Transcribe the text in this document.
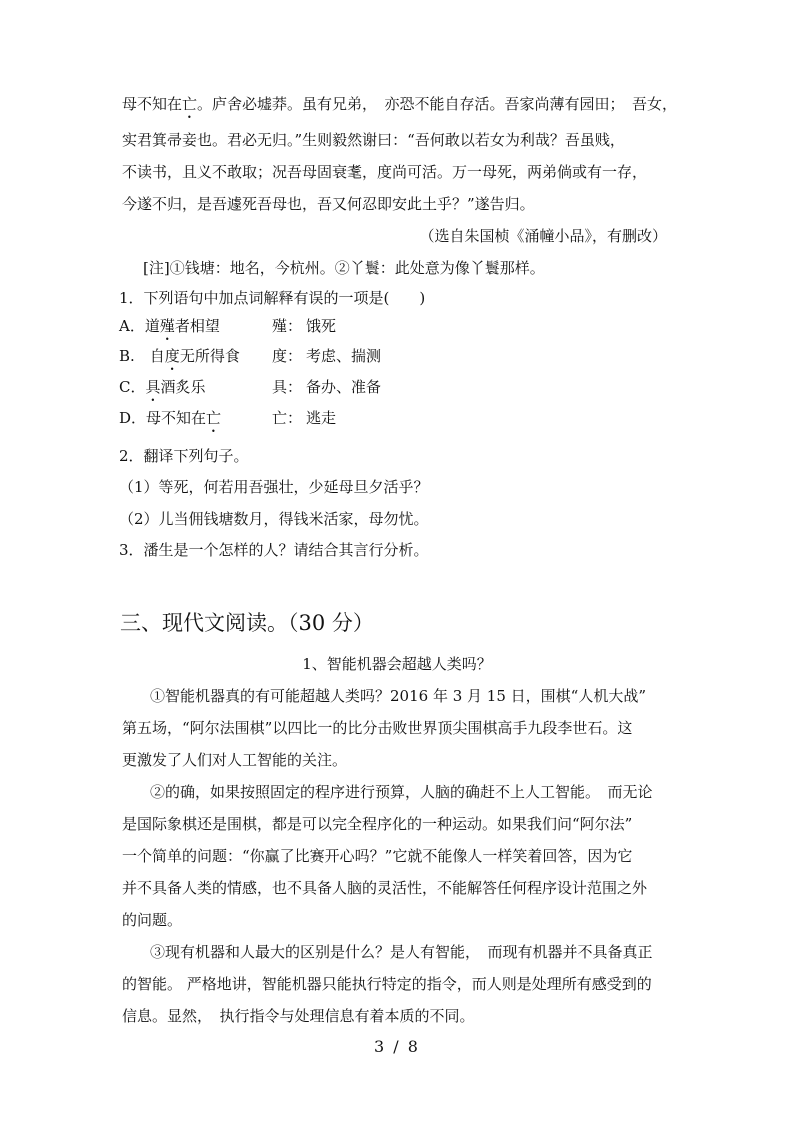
母不知在亡。庐舍必墟莽。虽有兄弟，　亦恐不能自存活。吾家尚薄有园田；　吾女，
实君箕帚妾也。君必无归。”生则毅然谢曰：“吾何敢以若女为利哉？吾虽贱，
不读书，且义不敢取；况吾母固衰耄，度尚可活。万一母死，两弟倘或有一存，
今遂不归，是吾遽死吾母也，吾又何忍即安此土乎？”遂告归。
（选自朱国桢《涌幢小品》，有删改）
[注]①钱塘：地名，今杭州。②丫鬟：此处意为像丫鬟那样。
1．下列语句中加点词解释有误的一项是(　　)
A．道殣者相望	殣： 饿死
B.　自度无所得食 度： 考虑、揣测
C．具酒炙乐	具： 备办、准备
D．母不知在亡	亡： 逃走
2．翻译下列句子。
（1）等死，何若用吾强壮，少延母旦夕活乎？
（2）儿当佣钱塘数月，得钱米活家，母勿忧。
3．潘生是一个怎样的人？请结合其言行分析。
三、现代文阅读。（30 分）
1、智能机器会超越人类吗？
①智能机器真的有可能超越人类吗？2016 年 3 月 15 日，围棋“人机大战”
第五场，“阿尔法围棋”以四比一的比分击败世界顶尖围棋高手九段李世石。这
更激发了人们对人工智能的关注。
②的确，如果按照固定的程序进行预算，人脑的确赶不上人工智能。　而无论
是国际象棋还是围棋，都是可以完全程序化的一种运动。如果我们问“阿尔法”
一个简单的问题：“你赢了比赛开心吗？”它就不能像人一样笑着回答，因为它
并不具备人类的情感，也不具备人脑的灵活性，不能解答任何程序设计范围之外
的问题。
③现有机器和人最大的区别是什么？是人有智能，　而现有机器并不具备真正
的智能。 严格地讲，智能机器只能执行特定的指令，而人则是处理所有感受到的
信息。显然，　执行指令与处理信息有着本质的不同。
3 / 8
